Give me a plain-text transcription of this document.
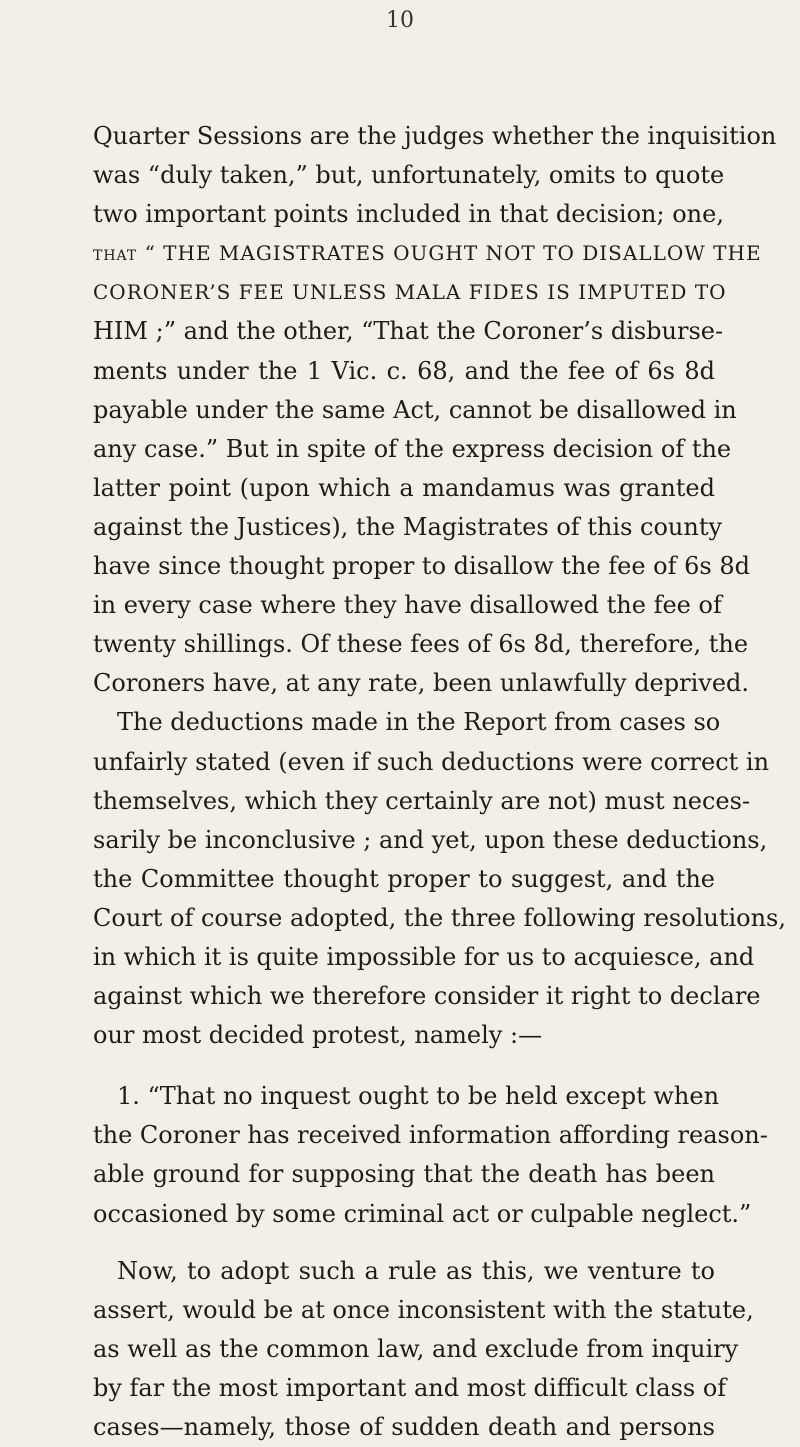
10
Quarter Sessions are the judges whether the inquisition
was “duly taken,” but, unfortunately, omits to quote
two important points included in that decision; one,
that “ THE MAGISTRATES OUGHT NOT TO DISALLOW THE
CORONER’S FEE UNLESS MALA FIDES IS IMPUTED TO
HIM ;” and the other, “That the Coroner’s disburse-
ments under the 1 Vic. c. 68, and the fee of 6s 8d
payable under the same Act, cannot be disallowed in
any case.” But in spite of the express decision of the
latter point (upon which a mandamus was granted
against the Justices), the Magistrates of this county
have since thought proper to disallow the fee of 6s 8d
in every case where they have disallowed the fee of
twenty shillings. Of these fees of 6s 8d, therefore, the
Coroners have, at any rate, been unlawfully deprived.
The deductions made in the Report from cases so
unfairly stated (even if such deductions were correct in
themselves, which they certainly are not) must neces-
sarily be inconclusive ; and yet, upon these deductions,
the Committee thought proper to suggest, and the
Court of course adopted, the three following resolutions,
in which it is quite impossible for us to acquiesce, and
against which we therefore consider it right to declare
our most decided protest, namely :—
1. “That no inquest ought to be held except when
the Coroner has received information affording reason-
able ground for supposing that the death has been
occasioned by some criminal act or culpable neglect.”
Now, to adopt such a rule as this, we venture to
assert, would be at once inconsistent with the statute,
as well as the common law, and exclude from inquiry
by far the most important and most difficult class of
cases—namely, those of sudden death and persons
